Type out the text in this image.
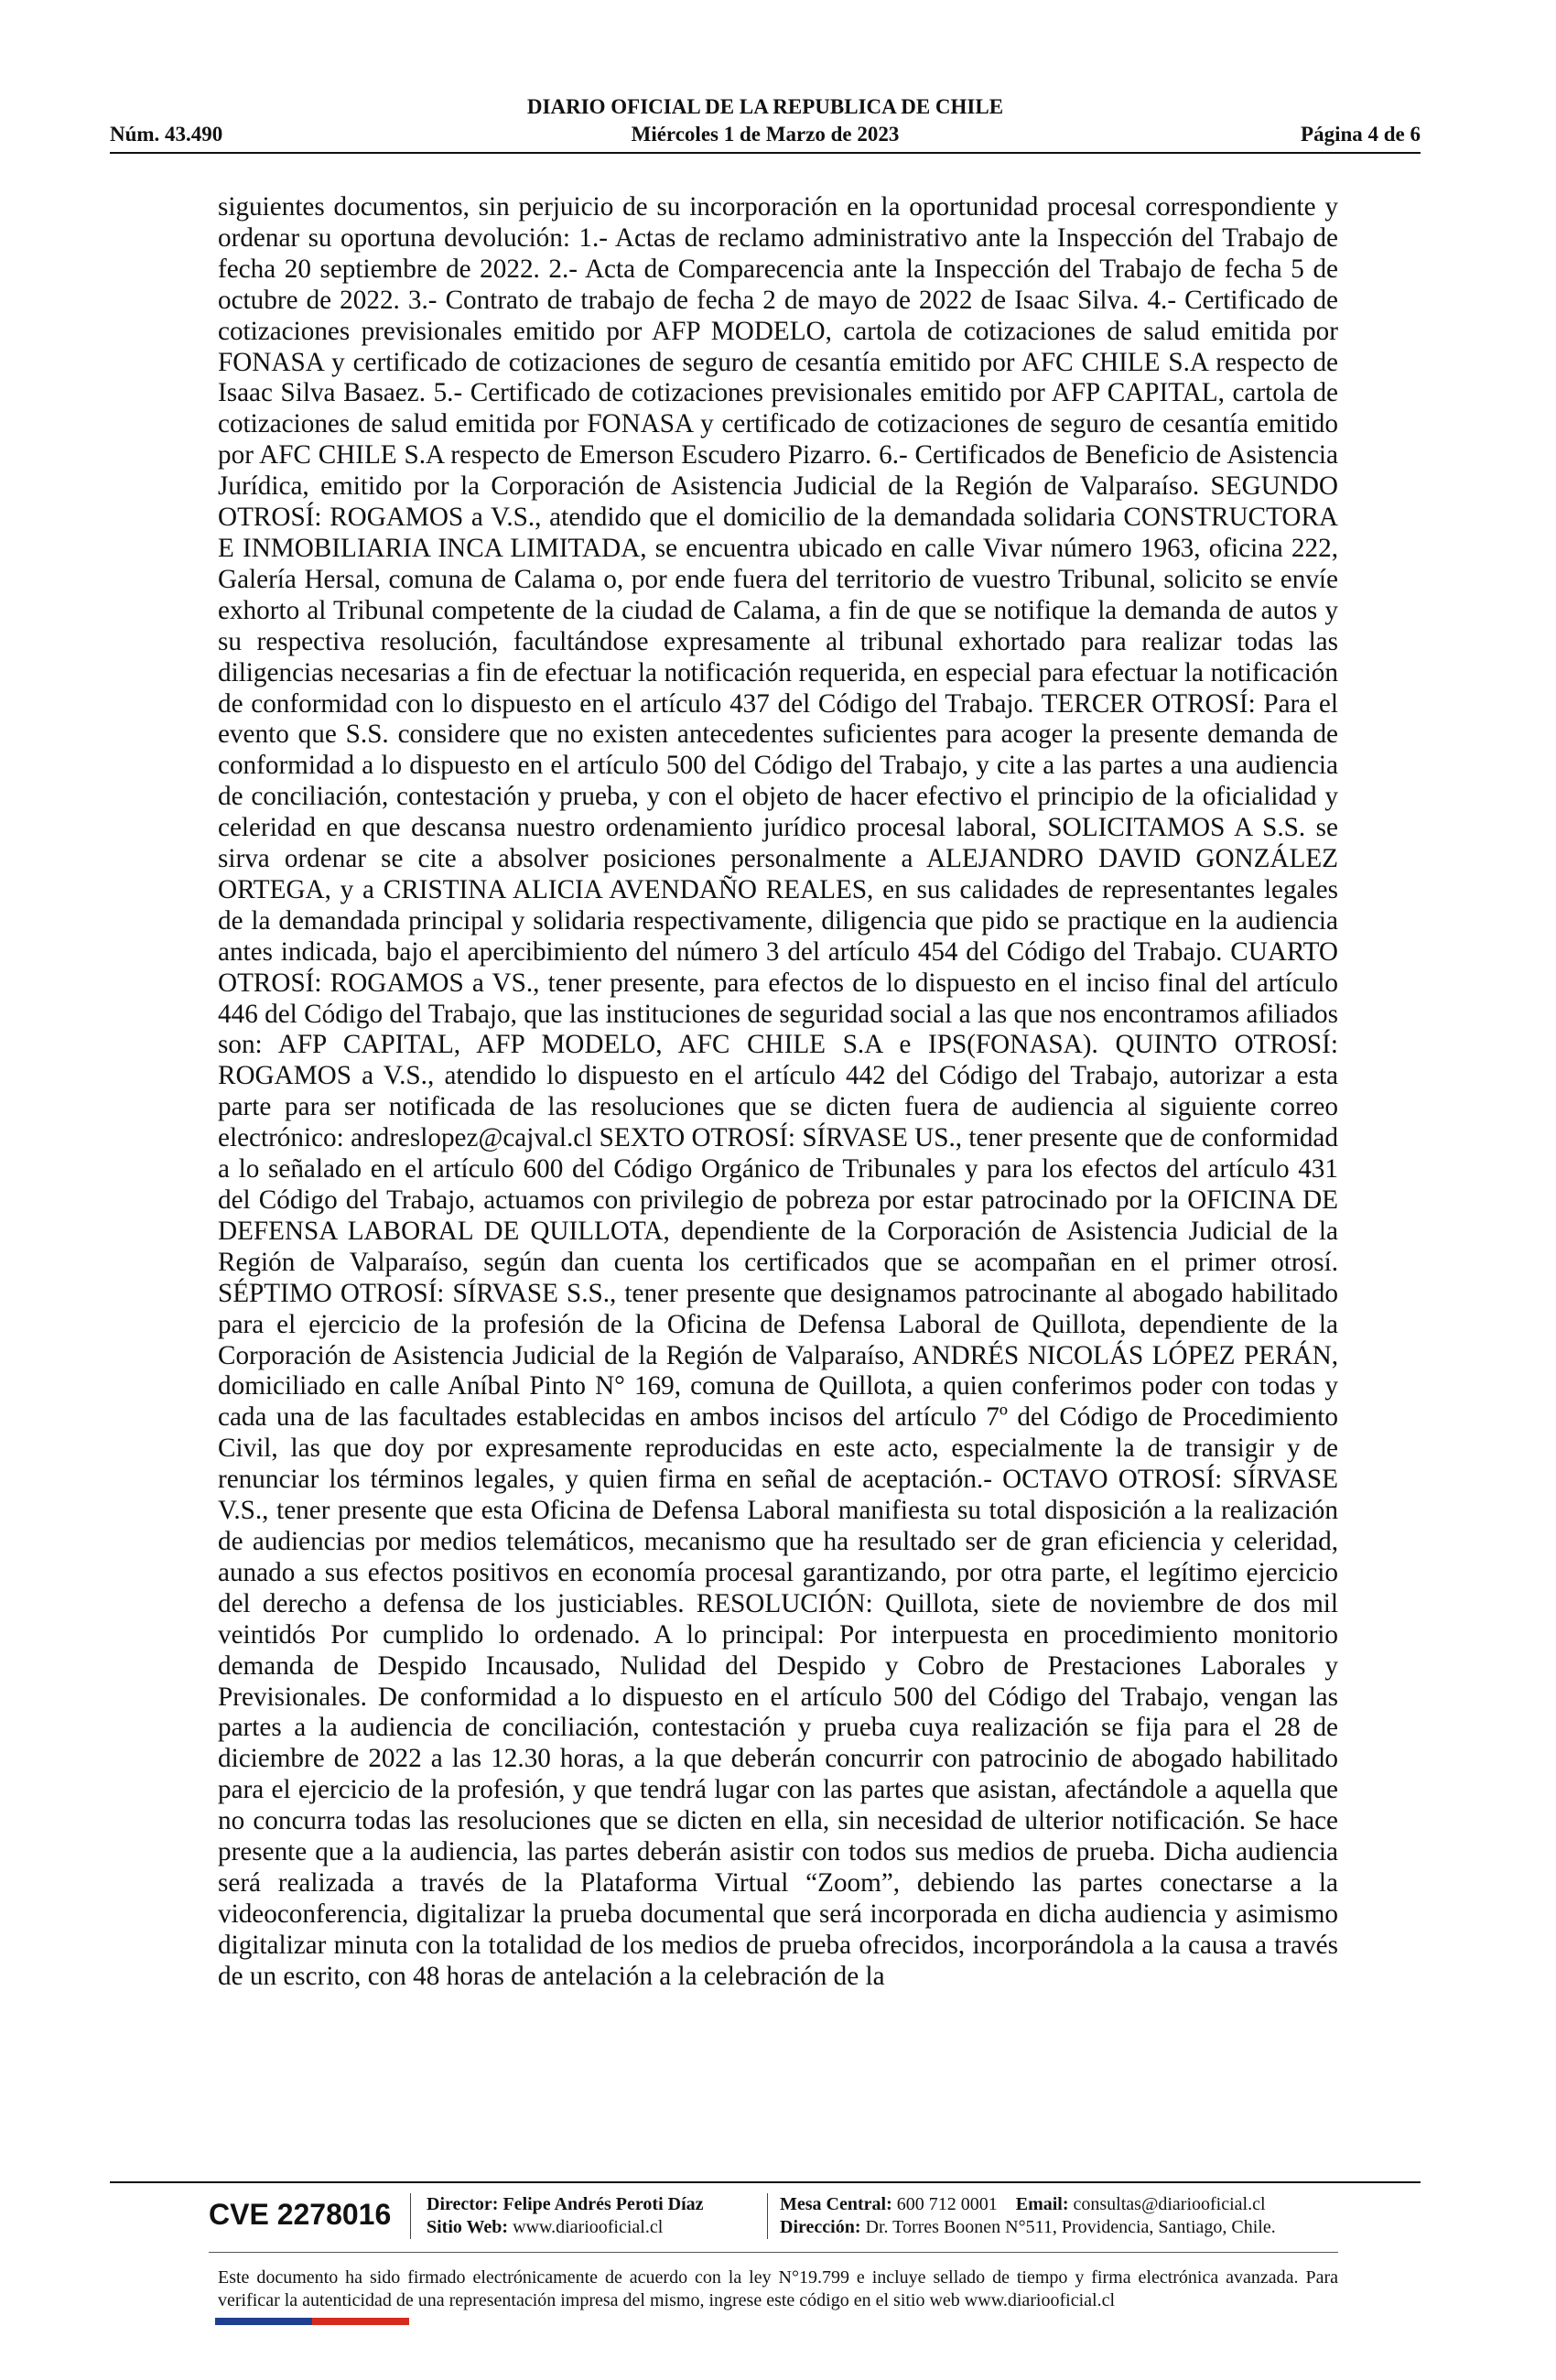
DIARIO OFICIAL DE LA REPUBLICA DE CHILE
Miércoles 1 de Marzo de 2023
Núm. 43.490	Página 4 de 6

siguientes documentos, sin perjuicio de su incorporación en la oportunidad procesal correspondiente y ordenar su oportuna devolución: 1.- Actas de reclamo administrativo ante la Inspección del Trabajo de fecha 20 septiembre de 2022. 2.- Acta de Comparecencia ante la Inspección del Trabajo de fecha 5 de octubre de 2022. 3.- Contrato de trabajo de fecha 2 de mayo de 2022 de Isaac Silva. 4.- Certificado de cotizaciones previsionales emitido por AFP MODELO, cartola de cotizaciones de salud emitida por FONASA y certificado de cotizaciones de seguro de cesantía emitido por AFC CHILE S.A respecto de Isaac Silva Basaez. 5.- Certificado de cotizaciones previsionales emitido por AFP CAPITAL, cartola de cotizaciones de salud emitida por FONASA y certificado de cotizaciones de seguro de cesantía emitido por AFC CHILE S.A respecto de Emerson Escudero Pizarro. 6.- Certificados de Beneficio de Asistencia Jurídica, emitido por la Corporación de Asistencia Judicial de la Región de Valparaíso. SEGUNDO OTROSÍ: ROGAMOS a V.S., atendido que el domicilio de la demandada solidaria CONSTRUCTORA E INMOBILIARIA INCA LIMITADA, se encuentra ubicado en calle Vivar número 1963, oficina 222, Galería Hersal, comuna de Calama o, por ende fuera del territorio de vuestro Tribunal, solicito se envíe exhorto al Tribunal competente de la ciudad de Calama, a fin de que se notifique la demanda de autos y su respectiva resolución, facultándose expresamente al tribunal exhortado para realizar todas las diligencias necesarias a fin de efectuar la notificación requerida, en especial para efectuar la notificación de conformidad con lo dispuesto en el artículo 437 del Código del Trabajo. TERCER OTROSÍ: Para el evento que S.S. considere que no existen antecedentes suficientes para acoger la presente demanda de conformidad a lo dispuesto en el artículo 500 del Código del Trabajo, y cite a las partes a una audiencia de conciliación, contestación y prueba, y con el objeto de hacer efectivo el principio de la oficialidad y celeridad en que descansa nuestro ordenamiento jurídico procesal laboral, SOLICITAMOS A S.S. se sirva ordenar se cite a absolver posiciones personalmente a ALEJANDRO DAVID GONZÁLEZ ORTEGA, y a CRISTINA ALICIA AVENDAÑO REALES, en sus calidades de representantes legales de la demandada principal y solidaria respectivamente, diligencia que pido se practique en la audiencia antes indicada, bajo el apercibimiento del número 3 del artículo 454 del Código del Trabajo. CUARTO OTROSÍ: ROGAMOS a VS., tener presente, para efectos de lo dispuesto en el inciso final del artículo 446 del Código del Trabajo, que las instituciones de seguridad social a las que nos encontramos afiliados son: AFP CAPITAL, AFP MODELO, AFC CHILE S.A e IPS(FONASA). QUINTO OTROSÍ: ROGAMOS a V.S., atendido lo dispuesto en el artículo 442 del Código del Trabajo, autorizar a esta parte para ser notificada de las resoluciones que se dicten fuera de audiencia al siguiente correo electrónico: andreslopez@cajval.cl SEXTO OTROSÍ: SÍRVASE US., tener presente que de conformidad a lo señalado en el artículo 600 del Código Orgánico de Tribunales y para los efectos del artículo 431 del Código del Trabajo, actuamos con privilegio de pobreza por estar patrocinado por la OFICINA DE DEFENSA LABORAL DE QUILLOTA, dependiente de la Corporación de Asistencia Judicial de la Región de Valparaíso, según dan cuenta los certificados que se acompañan en el primer otrosí. SÉPTIMO OTROSÍ: SÍRVASE S.S., tener presente que designamos patrocinante al abogado habilitado para el ejercicio de la profesión de la Oficina de Defensa Laboral de Quillota, dependiente de la Corporación de Asistencia Judicial de la Región de Valparaíso, ANDRÉS NICOLÁS LÓPEZ PERÁN, domiciliado en calle Aníbal Pinto N° 169, comuna de Quillota, a quien conferimos poder con todas y cada una de las facultades establecidas en ambos incisos del artículo 7º del Código de Procedimiento Civil, las que doy por expresamente reproducidas en este acto, especialmente la de transigir y de renunciar los términos legales, y quien firma en señal de aceptación.- OCTAVO OTROSÍ: SÍRVASE V.S., tener presente que esta Oficina de Defensa Laboral manifiesta su total disposición a la realización de audiencias por medios telemáticos, mecanismo que ha resultado ser de gran eficiencia y celeridad, aunado a sus efectos positivos en economía procesal garantizando, por otra parte, el legítimo ejercicio del derecho a defensa de los justiciables. RESOLUCIÓN: Quillota, siete de noviembre de dos mil veintidós Por cumplido lo ordenado. A lo principal: Por interpuesta en procedimiento monitorio demanda de Despido Incausado, Nulidad del Despido y Cobro de Prestaciones Laborales y Previsionales. De conformidad a lo dispuesto en el artículo 500 del Código del Trabajo, vengan las partes a la audiencia de conciliación, contestación y prueba cuya realización se fija para el 28 de diciembre de 2022 a las 12.30 horas, a la que deberán concurrir con patrocinio de abogado habilitado para el ejercicio de la profesión, y que tendrá lugar con las partes que asistan, afectándole a aquella que no concurra todas las resoluciones que se dicten en ella, sin necesidad de ulterior notificación. Se hace presente que a la audiencia, las partes deberán asistir con todos sus medios de prueba. Dicha audiencia será realizada a través de la Plataforma Virtual “Zoom”, debiendo las partes conectarse a la videoconferencia, digitalizar la prueba documental que será incorporada en dicha audiencia y asimismo digitalizar minuta con la totalidad de los medios de prueba ofrecidos, incorporándola a la causa a través de un escrito, con 48 horas de antelación a la celebración de la

CVE 2278016 Director: Felipe Andrés Peroti Díaz
Sitio Web: www.diariooficial.cl
Mesa Central: 600 712 0001 Email: consultas@diariooficial.cl
Dirección: Dr. Torres Boonen N°511, Providencia, Santiago, Chile.
Este documento ha sido firmado electrónicamente de acuerdo con la ley N°19.799 e incluye sellado de tiempo y firma electrónica avanzada. Para verificar la autenticidad de una representación impresa del mismo, ingrese este código en el sitio web www.diariooficial.cl
